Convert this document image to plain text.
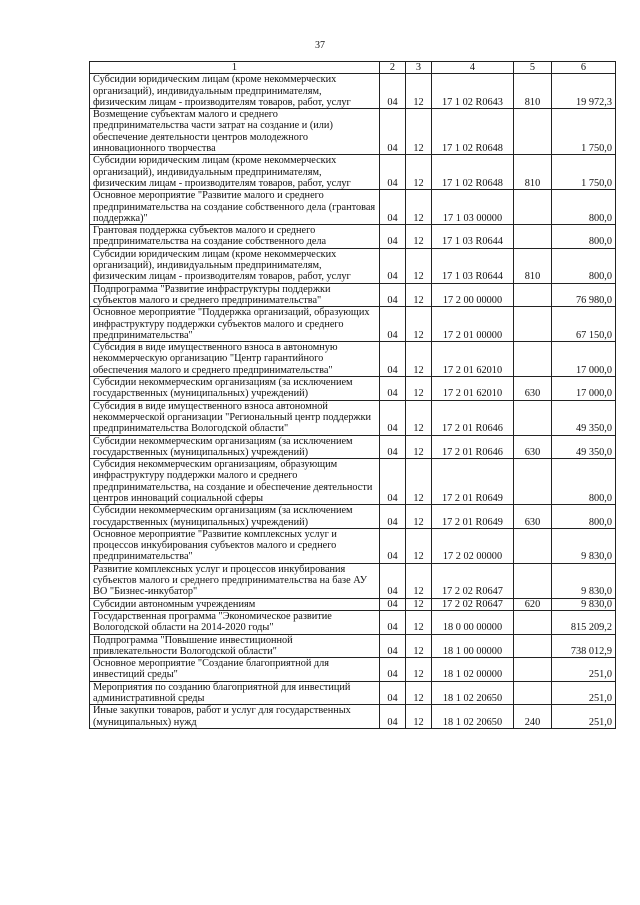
37
1	2	3	4	5	6
Субсидии юридическим лицам (кроме некоммерческих организаций), индивидуальным предпринимателям, физическим лицам - производителям товаров, работ, услуг	04	12	17 1 02 R0643	810	19 972,3
Возмещение субъектам малого и среднего предпринимательства части затрат на создание и (или) обеспечение деятельности центров молодежного инновационного творчества	04	12	17 1 02 R0648		1 750,0
Субсидии юридическим лицам (кроме некоммерческих организаций), индивидуальным предпринимателям, физическим лицам - производителям товаров, работ, услуг	04	12	17 1 02 R0648	810	1 750,0
Основное мероприятие "Развитие малого и среднего предпринимательства на создание собственного дела (грантовая поддержка)"	04	12	17 1 03 00000		800,0
Грантовая поддержка субъектов малого и среднего предпринимательства на создание собственного дела	04	12	17 1 03 R0644		800,0
Субсидии юридическим лицам (кроме некоммерческих организаций), индивидуальным предпринимателям, физическим лицам - производителям товаров, работ, услуг	04	12	17 1 03 R0644	810	800,0
Подпрограмма "Развитие инфраструктуры поддержки субъектов малого и среднего предпринимательства"	04	12	17 2 00 00000		76 980,0
Основное мероприятие "Поддержка организаций, образующих инфраструктуру поддержки субъектов малого и среднего предпринимательства"	04	12	17 2 01 00000		67 150,0
Субсидия в виде имущественного взноса в автономную некоммерческую организацию "Центр гарантийного обеспечения малого и среднего предпринимательства"	04	12	17 2 01 62010		17 000,0
Субсидии некоммерческим организациям (за исключением государственных (муниципальных) учреждений)	04	12	17 2 01 62010	630	17 000,0
Субсидия в виде имущественного взноса автономной некоммерческой организации "Региональный центр поддержки предпринимательства Вологодской области"	04	12	17 2 01 R0646		49 350,0
Субсидии некоммерческим организациям (за исключением государственных (муниципальных) учреждений)	04	12	17 2 01 R0646	630	49 350,0
Субсидия некоммерческим организациям, образующим инфраструктуру поддержки малого и среднего предпринимательства, на создание и обеспечение деятельности центров инноваций социальной сферы	04	12	17 2 01 R0649		800,0
Субсидии некоммерческим организациям (за исключением государственных (муниципальных) учреждений)	04	12	17 2 01 R0649	630	800,0
Основное мероприятие "Развитие комплексных услуг и процессов инкубирования субъектов малого и среднего предпринимательства"	04	12	17 2 02 00000		9 830,0
Развитие комплексных услуг и процессов инкубирования субъектов малого и среднего предпринимательства на базе АУ ВО "Бизнес-инкубатор"	04	12	17 2 02 R0647		9 830,0
Субсидии автономным учреждениям	04	12	17 2 02 R0647	620	9 830,0
Государственная программа "Экономическое развитие Вологодской области на 2014-2020 годы"	04	12	18 0 00 00000		815 209,2
Подпрограмма "Повышение инвестиционной привлекательности Вологодской области"	04	12	18 1 00 00000		738 012,9
Основное мероприятие "Создание благоприятной для инвестиций среды"	04	12	18 1 02 00000		251,0
Мероприятия по созданию благоприятной для инвестиций административной среды	04	12	18 1 02 20650		251,0
Иные закупки товаров, работ и услуг для государственных (муниципальных) нужд	04	12	18 1 02 20650	240	251,0
